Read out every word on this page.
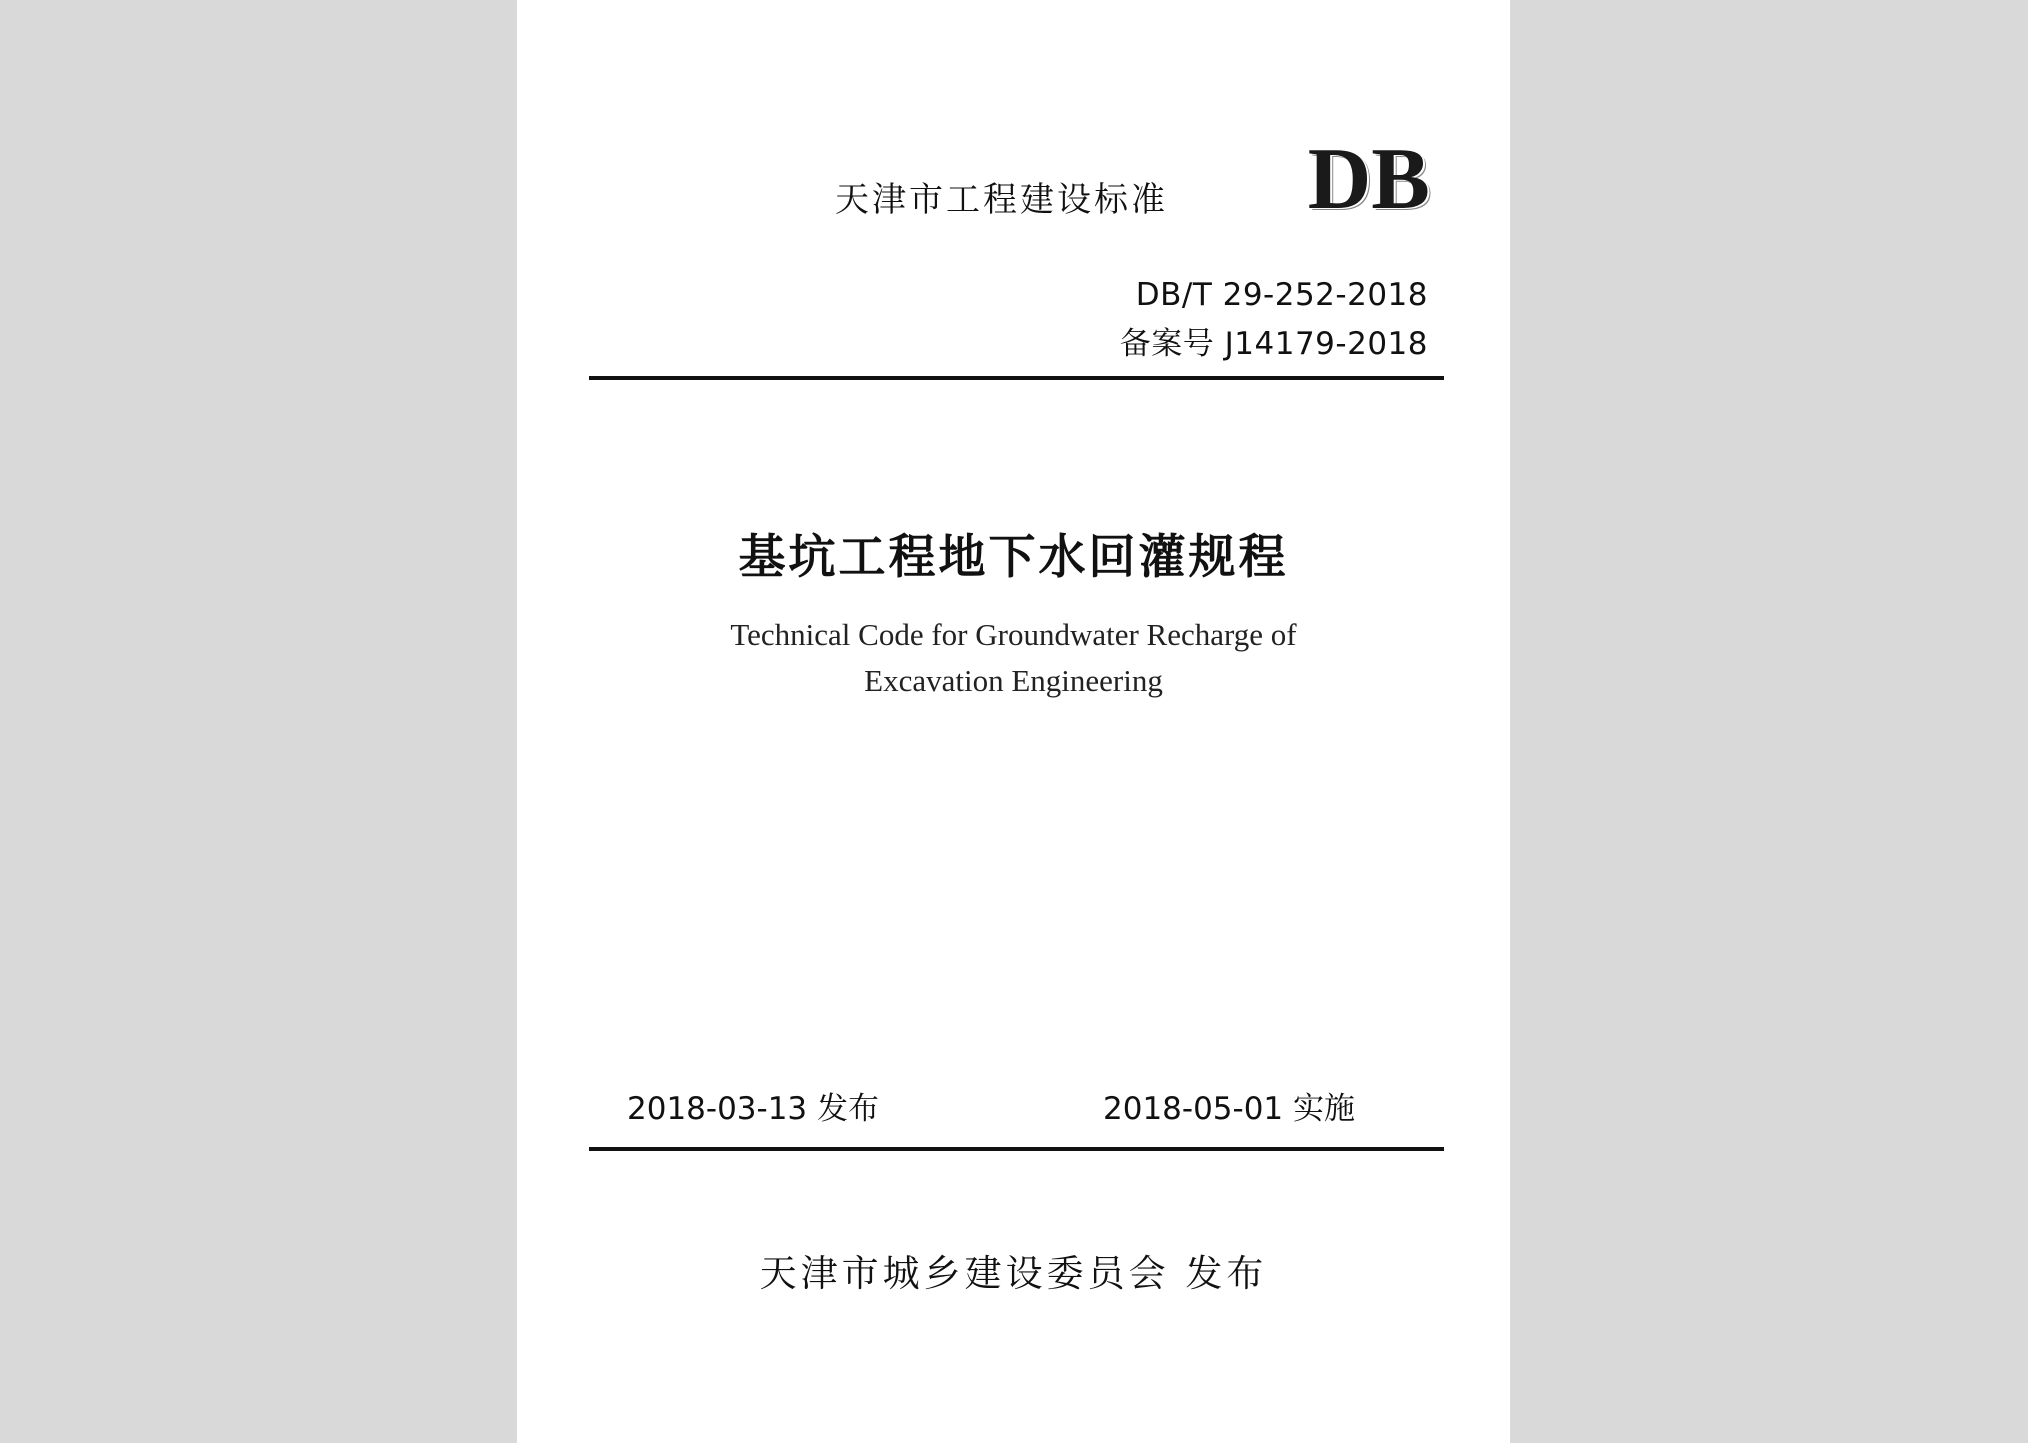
天津市工程建设标准 DB
DB/T 29-252-2018
备案号 J14179-2018
基坑工程地下水回灌规程
Technical Code for Groundwater Recharge of
Excavation Engineering
2018-03-13 发布	2018-05-01 实施
天津市城乡建设委员会 发布
